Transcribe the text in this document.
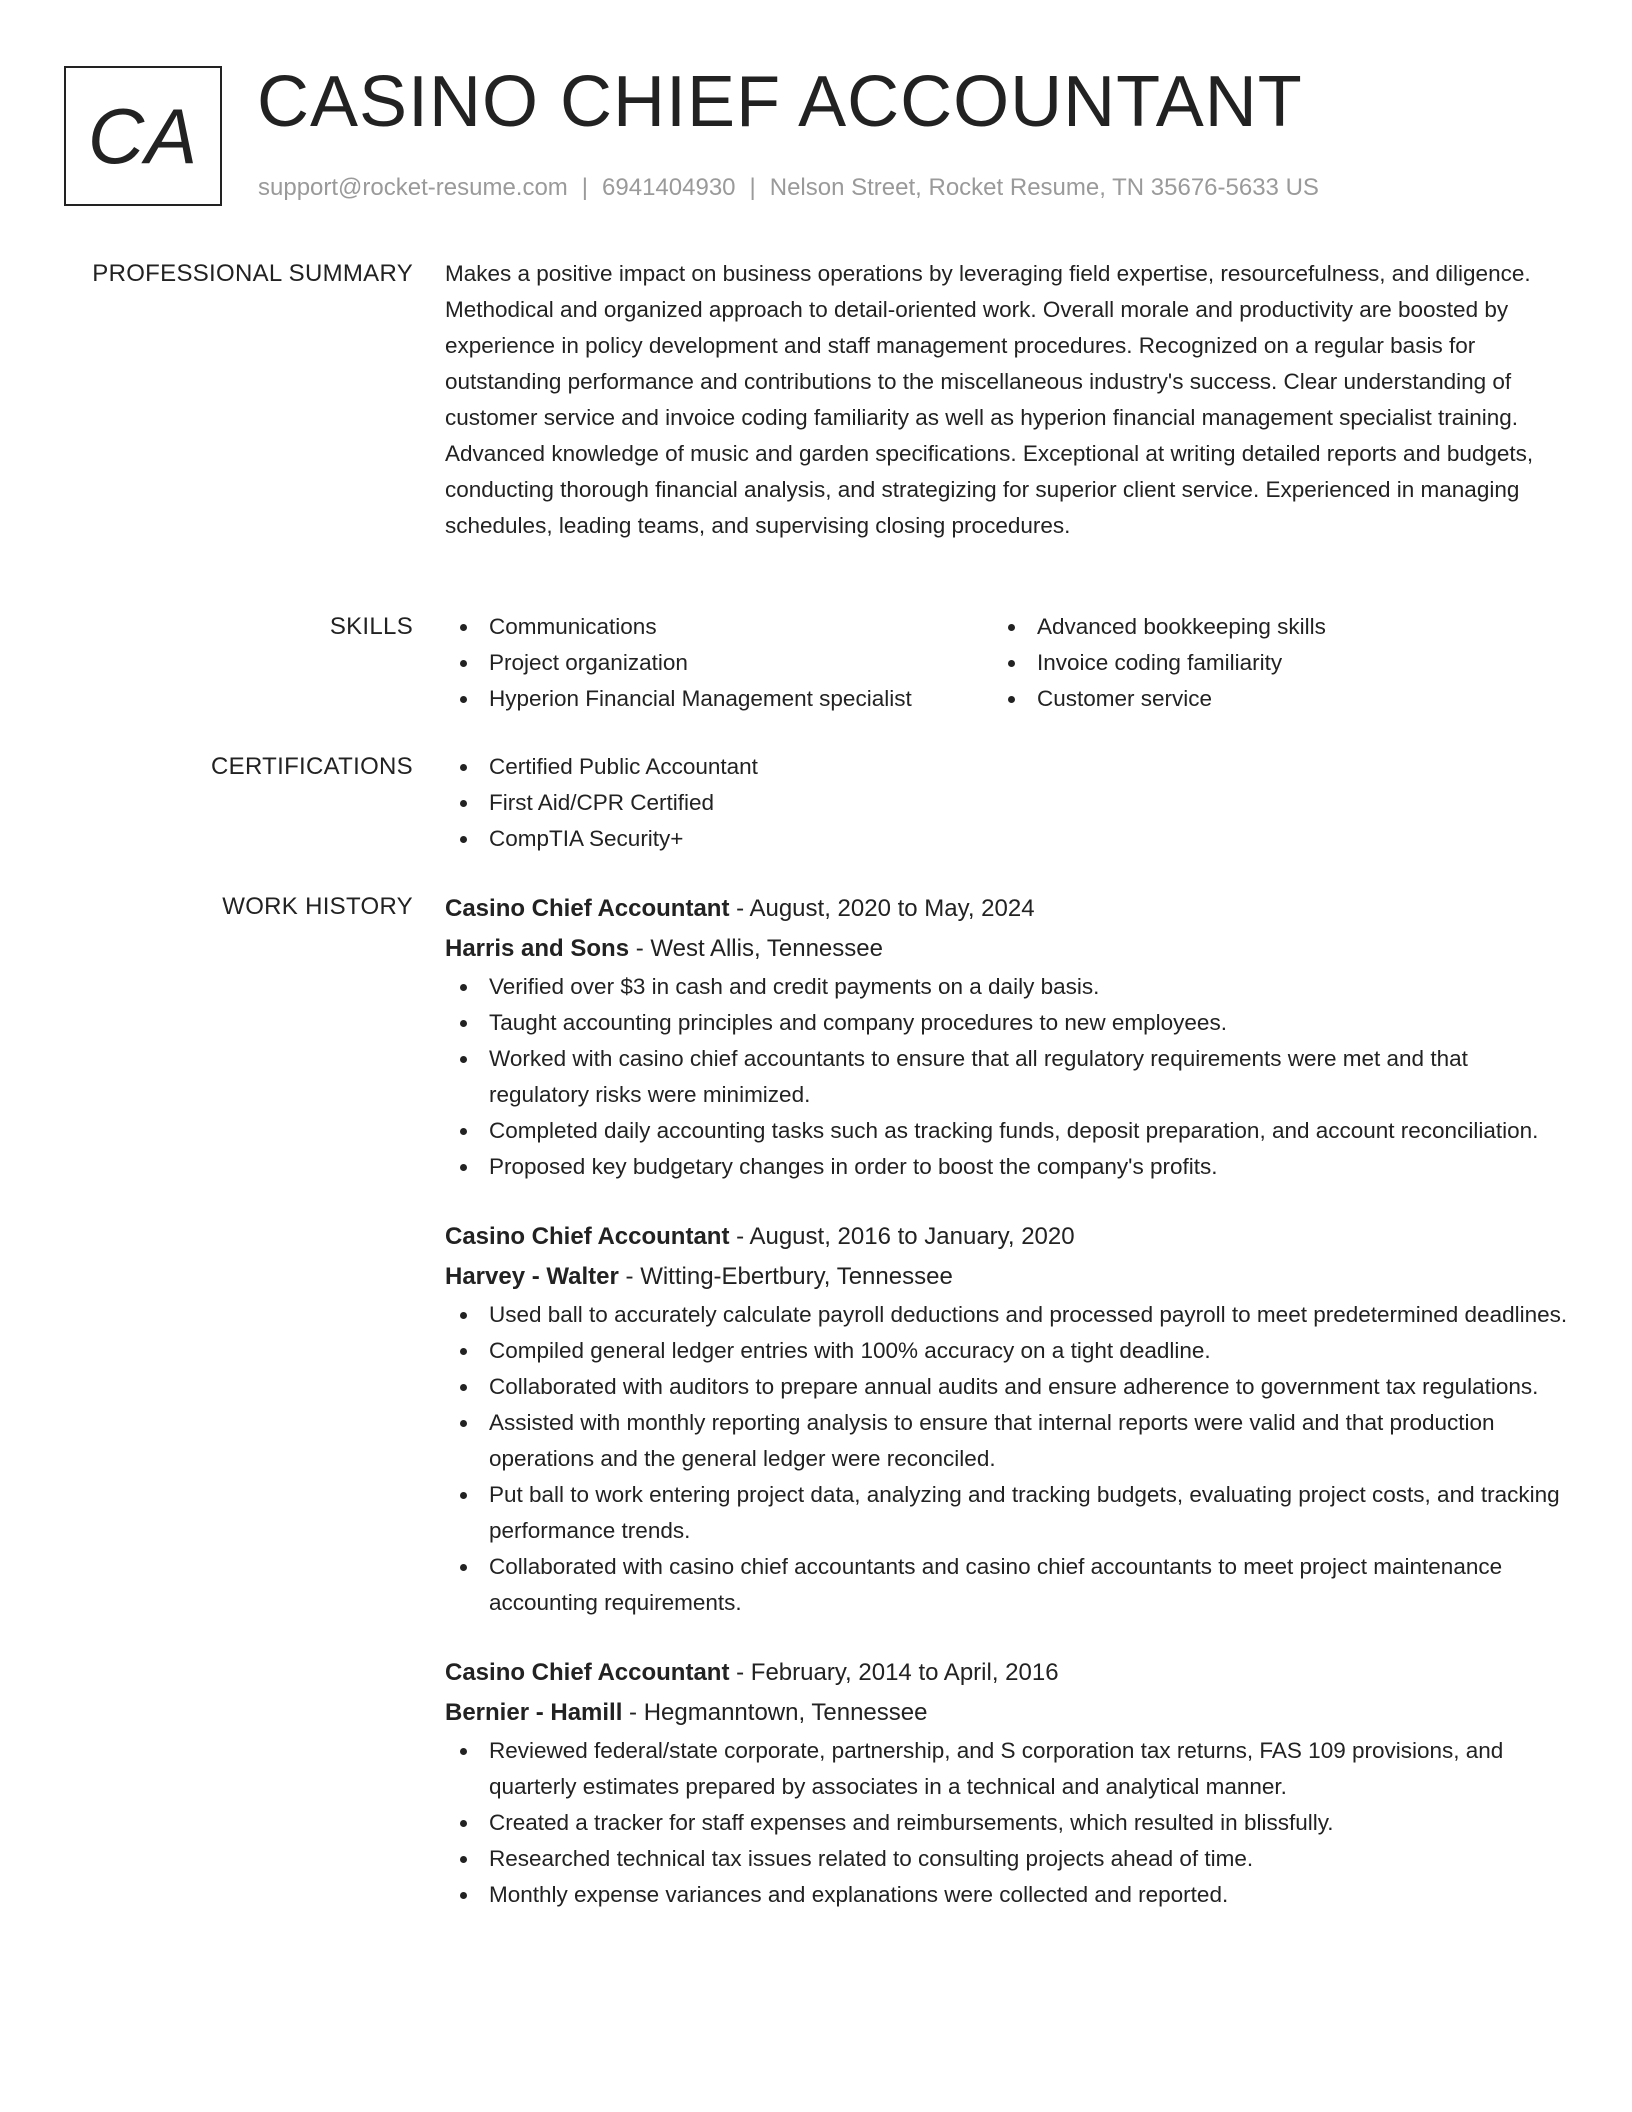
CA CASINO CHIEF ACCOUNTANT
support@rocket-resume.com | 6941404930 | Nelson Street, Rocket Resume, TN 35676-5633 US
PROFESSIONAL SUMMARY Makes a positive impact on business operations by leveraging field expertise, resourcefulness, and diligence. Methodical and organized approach to detail-oriented work. Overall morale and productivity are boosted by experience in policy development and staff management procedures. Recognized on a regular basis for outstanding performance and contributions to the miscellaneous industry's success. Clear understanding of customer service and invoice coding familiarity as well as hyperion financial management specialist training. Advanced knowledge of music and garden specifications. Exceptional at writing detailed reports and budgets, conducting thorough financial analysis, and strategizing for superior client service. Experienced in managing schedules, leading teams, and supervising closing procedures.

SKILLS	Communications
Project organization
Hyperion Financial Management specialist
Advanced bookkeeping skills
Invoice coding familiarity
Customer service
CERTIFICATIONS	Certified Public Accountant
First Aid/CPR Certified
CompTIA Security+
WORK HISTORY Casino Chief Accountant - August, 2020 to May, 2024
Harris and Sons - West Allis, Tennessee
Verified over $3 in cash and credit payments on a daily basis.
Taught accounting principles and company procedures to new employees.
Worked with casino chief accountants to ensure that all regulatory requirements were met and that regulatory risks were minimized.
Completed daily accounting tasks such as tracking funds, deposit preparation, and account reconciliation.
Proposed key budgetary changes in order to boost the company's profits.
Casino Chief Accountant - August, 2016 to January, 2020
Harvey - Walter - Witting-Ebertbury, Tennessee
Used ball to accurately calculate payroll deductions and processed payroll to meet predetermined deadlines.
Compiled general ledger entries with 100% accuracy on a tight deadline.
Collaborated with auditors to prepare annual audits and ensure adherence to government tax regulations.
Assisted with monthly reporting analysis to ensure that internal reports were valid and that production operations and the general ledger were reconciled.
Put ball to work entering project data, analyzing and tracking budgets, evaluating project costs, and tracking performance trends.
Collaborated with casino chief accountants and casino chief accountants to meet project maintenance accounting requirements.
Casino Chief Accountant - February, 2014 to April, 2016
Bernier - Hamill - Hegmanntown, Tennessee
Reviewed federal/state corporate, partnership, and S corporation tax returns, FAS 109 provisions, and quarterly estimates prepared by associates in a technical and analytical manner.
Created a tracker for staff expenses and reimbursements, which resulted in blissfully.
Researched technical tax issues related to consulting projects ahead of time.
Monthly expense variances and explanations were collected and reported.
